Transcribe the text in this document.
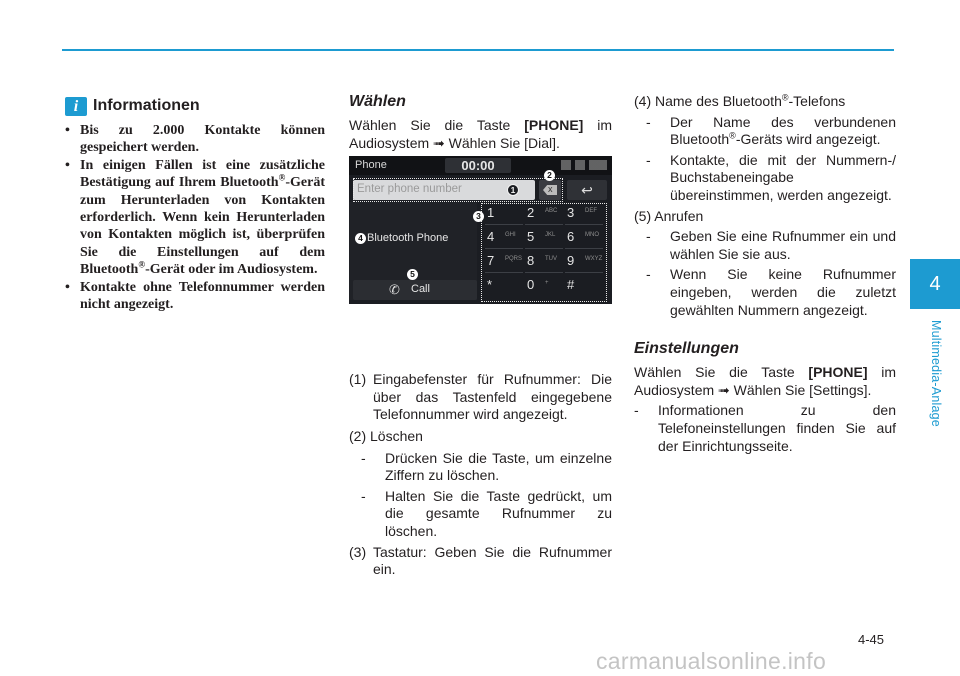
4
Multimedia-Anlage
i Informationen
• Bis zu 2.000 Kontakte können gespeichert werden.
• In einigen Fällen ist eine zusätzliche Bestätigung auf Ihrem Bluetooth®-Gerät zum Herunterladen von Kontakten erforderlich. Wenn kein Herunterladen von Kontakten möglich ist, überprüfen Sie die Einstellungen auf dem Bluetooth®-Gerät oder im Audiosystem.
• Kontakte ohne Telefonnummer werden nicht angezeigt.
Wählen
Wählen Sie die Taste [PHONE] im Audiosystem ➟ Wählen Sie [Dial].
(1) Eingabefenster für Rufnummer: Die über das Tastenfeld eingegebene Telefonnummer wird angezeigt.
(2) Löschen
- Drücken Sie die Taste, um einzelne Ziffern zu löschen.
- Halten Sie die Taste gedrückt, um die gesamte Rufnummer zu löschen.
(3) Tastatur: Geben Sie die Rufnummer ein.
Phone	00:00
Enter phone number	x	↩
Bluetooth Phone
✆ Call
1	2 ABC 3 DEF
4 GHI 5 JKL 6 MNO
7 PQRS 8 TUV 9 WXYZ
*	0 + #
1
2
3
4
5
(4) Name des Bluetooth®-Telefons
- Der Name des verbundenen Bluetooth®-Geräts wird angezeigt.
- Kontakte, die mit der Nummern-/ Buchstabeneingabe übereinstimmen, werden angezeigt.
(5) Anrufen
- Geben Sie eine Rufnummer ein und wählen Sie sie aus.
- Wenn Sie keine Rufnummer eingeben, werden die zuletzt gewählten Nummern angezeigt.
Einstellungen
Wählen Sie die Taste [PHONE] im Audiosystem ➟ Wählen Sie [Settings].
- Informationen zu den Telefoneinstellungen finden Sie auf der Einrichtungsseite.
4-45
carmanualsonline.info
